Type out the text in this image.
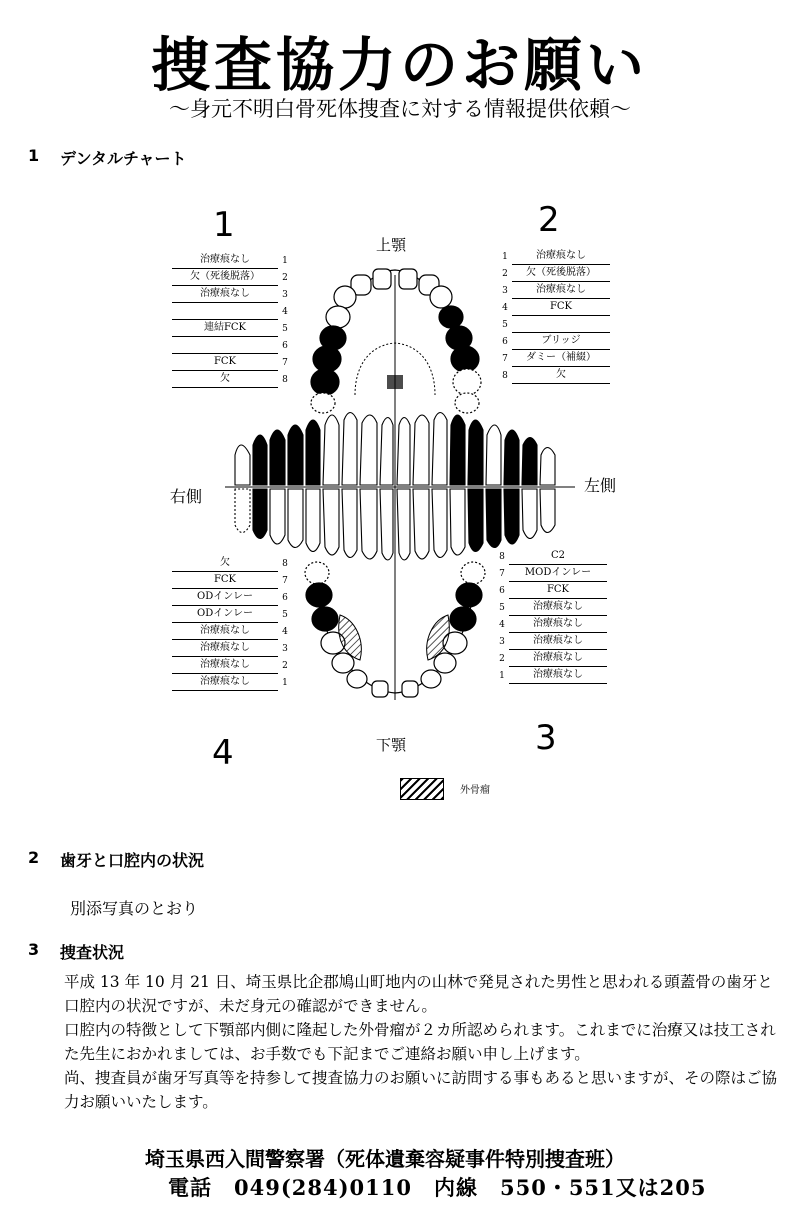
捜査協力のお願い
～身元不明白骨死体捜査に対する情報提供依頼～
1 デンタルチャート
1	2
3
4
上顎
下顎
右側
左側
治療痕なし	1
欠（死後脱落）	2
治療痕なし	3
4
連結FCK	5
6
FCK	7
欠	8
1	治療痕なし
2	欠（死後脱落）
3	治療痕なし
4	FCK
5
6	ブリッジ
7	ダミー（補綴）
8	欠
8	C2
7	MODインレー
6	FCK
5	治療痕なし
4	治療痕なし
3	治療痕なし
2	治療痕なし
1	治療痕なし
欠	8
FCK	7
ODインレー	6
ODインレー	5
治療痕なし	4
治療痕なし	3
治療痕なし	2
治療痕なし	1
外骨瘤
2 歯牙と口腔内の状況
別添写真のとおり
3 捜査状況

平成 13 年 10 月 21 日、埼玉県比企郡鳩山町地内の山林で発見された男性と思われる頭蓋骨の歯牙と口腔内の状況ですが、未だ身元の確認ができません。

口腔内の特徴として下顎部内側に隆起した外骨瘤が２カ所認められます。これまでに治療又は技工された先生におかれましては、お手数でも下記までご連絡お願い申し上げます。

尚、捜査員が歯牙写真等を持参して捜査協力のお願いに訪問する事もあると思いますが、その際はご協力お願いいたします。

埼玉県西入間警察署（死体遺棄容疑事件特別捜査班）
電話　049(284)0110　内線　550・551又は205
